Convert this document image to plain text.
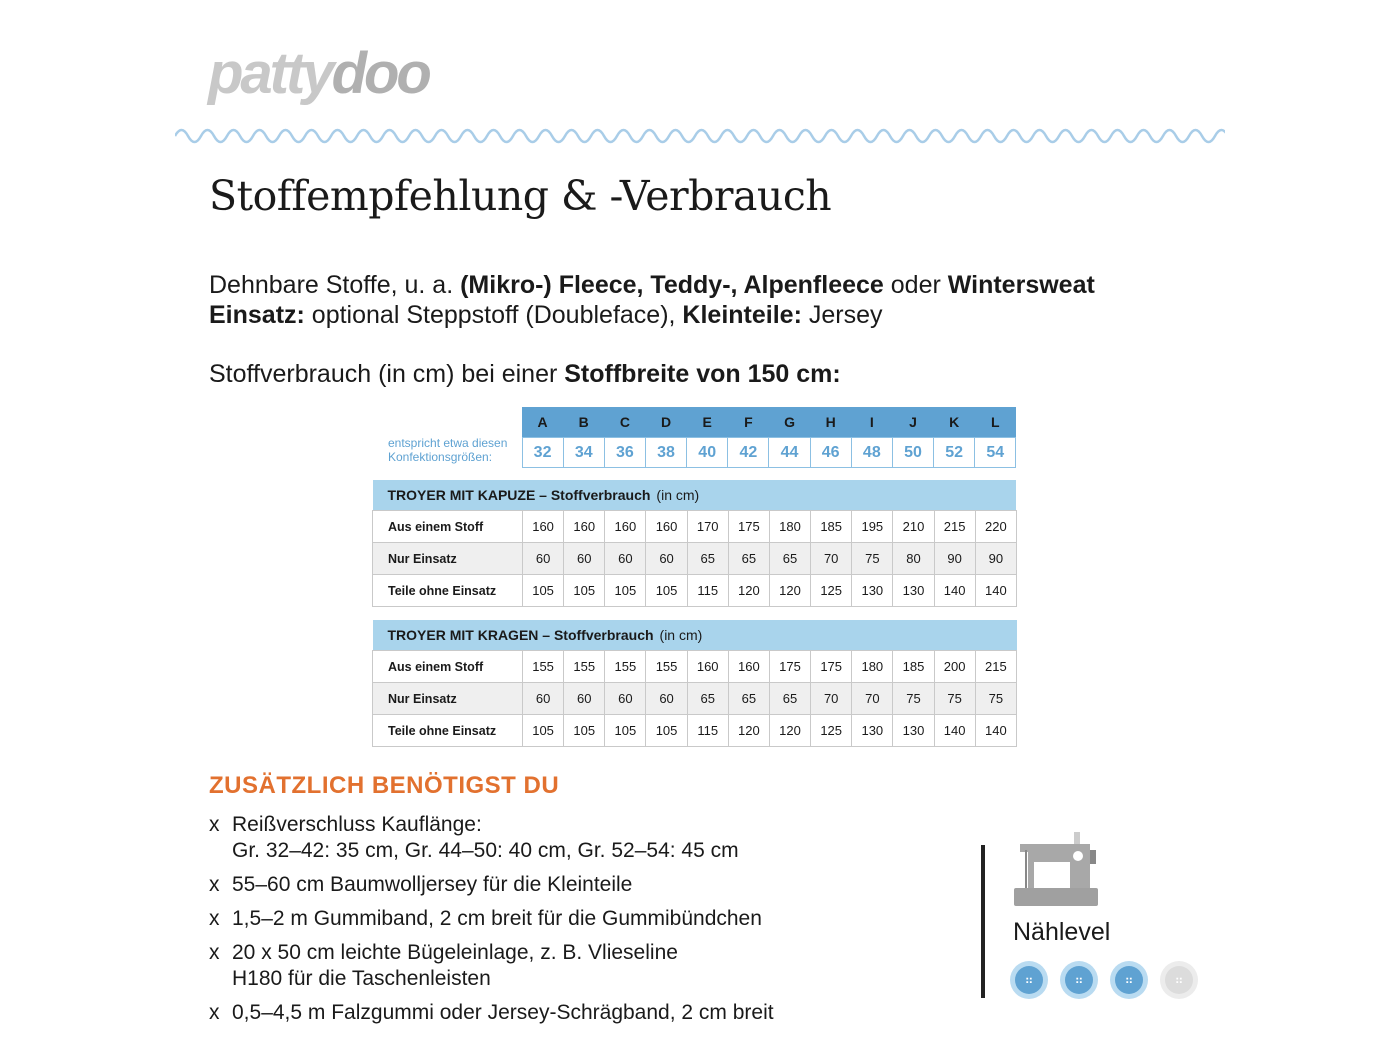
pattydoo
Stoffempfehlung & -Verbrauch
Dehnbare Stoffe, u. a. (Mikro-) Fleece, Teddy-, Alpenfleece oder Wintersweat
Einsatz: optional Steppstoff (Doubleface), Kleinteile: Jersey
Stoffverbrauch (in cm) bei einer Stoffbreite von 150 cm:
entspricht etwa diesen Konfektionsgrößen:	A	B	C	D	E	F	G	H	I	J	K	L
	32	34	36	38	40	42	44	46	48	50	52	54
TROYER MIT KAPUZE – Stoffverbrauch (in cm)												
Aus einem Stoff	160	160	160	160	170	175	180	185	195	210	215	220
Nur Einsatz	60	60	60	60	65	65	65	70	75	80	90	90
Teile ohne Einsatz	105	105	105	105	115	120	120	125	130	130	140	140
TROYER MIT KRAGEN – Stoffverbrauch (in cm)												
Aus einem Stoff	155	155	155	155	160	160	175	175	180	185	200	215
Nur Einsatz	60	60	60	60	65	65	65	70	70	75	75	75
Teile ohne Einsatz	105	105	105	105	115	120	120	125	130	130	140	140
ZUSÄTZLICH BENÖTIGST DU
x Reißverschluss Kauflänge:
Gr. 32–42: 35 cm, Gr. 44–50: 40 cm, Gr. 52–54: 45 cm
x 55–60 cm Baumwolljersey für die Kleinteile
x 1,5–2 m Gummiband, 2 cm breit für die Gummibündchen
x 20 x 50 cm leichte Bügeleinlage, z. B. Vlieseline
H180 für die Taschenleisten
x 0,5–4,5 m Falzgummi oder Jersey-Schrägband, 2 cm breit
Nählevel
⠶	⠶	⠶	⠶
